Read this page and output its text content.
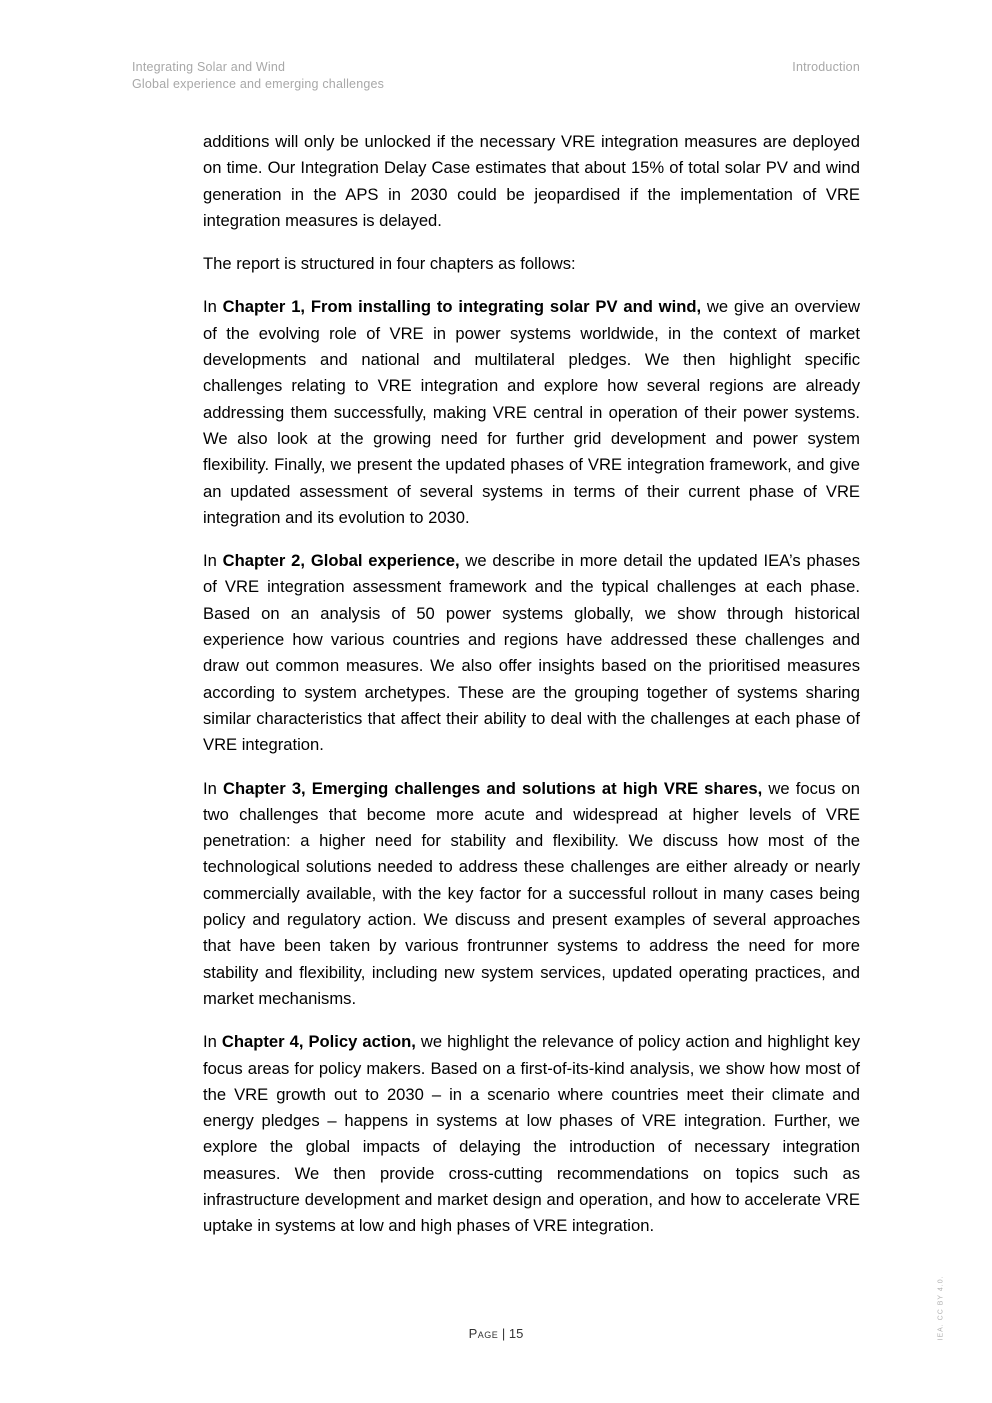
Integrating Solar and Wind
Global experience and emerging challenges
Introduction

additions will only be unlocked if the necessary VRE integration measures are deployed on time. Our Integration Delay Case estimates that about 15% of total solar PV and wind generation in the APS in 2030 could be jeopardised if the implementation of VRE integration measures is delayed.

The report is structured in four chapters as follows:

In Chapter 1, From installing to integrating solar PV and wind, we give an overview of the evolving role of VRE in power systems worldwide, in the context of market developments and national and multilateral pledges. We then highlight specific challenges relating to VRE integration and explore how several regions are already addressing them successfully, making VRE central in operation of their power systems. We also look at the growing need for further grid development and power system flexibility. Finally, we present the updated phases of VRE integration framework, and give an updated assessment of several systems in terms of their current phase of VRE integration and its evolution to 2030.

In Chapter 2, Global experience, we describe in more detail the updated IEA’s phases of VRE integration assessment framework and the typical challenges at each phase. Based on an analysis of 50 power systems globally, we show through historical experience how various countries and regions have addressed these challenges and draw out common measures. We also offer insights based on the prioritised measures according to system archetypes. These are the grouping together of systems sharing similar characteristics that affect their ability to deal with the challenges at each phase of VRE integration.

In Chapter 3, Emerging challenges and solutions at high VRE shares, we focus on two challenges that become more acute and widespread at higher levels of VRE penetration: a higher need for stability and flexibility. We discuss how most of the technological solutions needed to address these challenges are either already or nearly commercially available, with the key factor for a successful rollout in many cases being policy and regulatory action. We discuss and present examples of several approaches that have been taken by various frontrunner systems to address the need for more stability and flexibility, including new system services, updated operating practices, and market mechanisms.

In Chapter 4, Policy action, we highlight the relevance of policy action and highlight key focus areas for policy makers. Based on a first-of-its-kind analysis, we show how most of the VRE growth out to 2030 – in a scenario where countries meet their climate and energy pledges – happens in systems at low phases of VRE integration. Further, we explore the global impacts of delaying the introduction of necessary integration measures. We then provide cross-cutting recommendations on topics such as infrastructure development and market design and operation, and how to accelerate VRE uptake in systems at low and high phases of VRE integration.

Page | 15	IEA. CC BY 4.0.
